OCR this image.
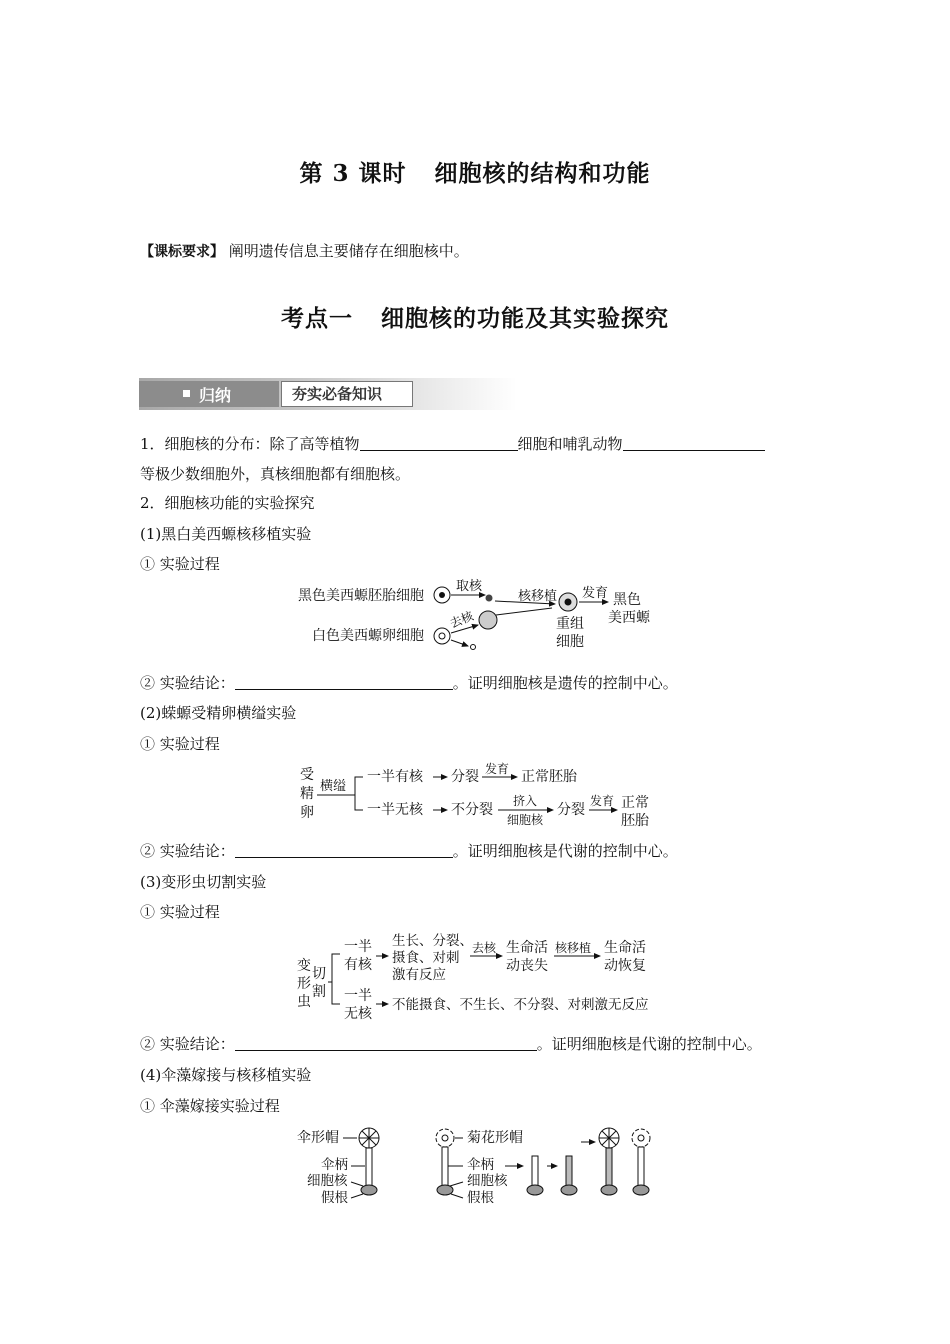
第 3 课时 细胞核的结构和功能
【课标要求】 阐明遗传信息主要储存在细胞核中。
考点一 细胞核的功能及其实验探究
归纳	夯实必备知识
1．细胞核的分布：除了高等植物	细胞和哺乳动物
等极少数细胞外，真核细胞都有细胞核。
2．细胞核功能的实验探究
(1)黑白美西螈核移植实验
① 实验过程
黑色美西螈胚胎细胞
取核
核移植
白色美西螈卵细胞
去核
发育 黑色
美西螈
重组
细胞
② 实验结论：	。证明细胞核是遗传的控制中心。
(2)蝾螈受精卵横缢实验
① 实验过程
受
精
卵
横缢
一半有核 分裂 发育 正常胚胎
一半无核 不分裂
挤入
细胞核
分裂
发育 正常
胚胎
② 实验结论：	。证明细胞核是代谢的控制中心。
(3)变形虫切割实验
① 实验过程
变
形
虫
切
割
一半
有核
生长、分裂、
摄食、对刺
激有反应
去核 生命活
动丧失
核移植 生命活
动恢复
一半
无核
不能摄食、不生长、不分裂、对刺激无反应
② 实验结论：	。证明细胞核是代谢的控制中心。
(4)伞藻嫁接与核移植实验
① 伞藻嫁接实验过程
伞形帽
伞柄
细胞核
假根
菊花形帽
伞柄
细胞核
假根
